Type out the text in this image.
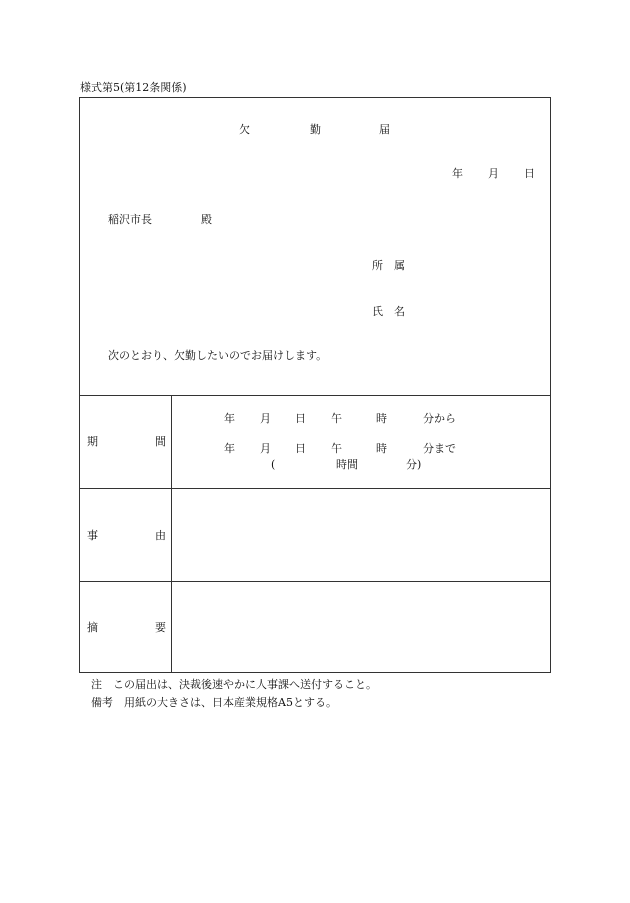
様式第5(第12条関係)
欠	勤	届
年 月 日
稲沢市長	殿
所 属
氏 名
次のとおり、欠勤したいのでお届けします。
期	間
年 月 日 午	時	分から
年 月 日 午	時	分まで
(	時間	分)
事	由
摘	要
注　この届出は、決裁後速やかに人事課へ送付すること。
備考　用紙の大きさは、日本産業規格A5とする。
